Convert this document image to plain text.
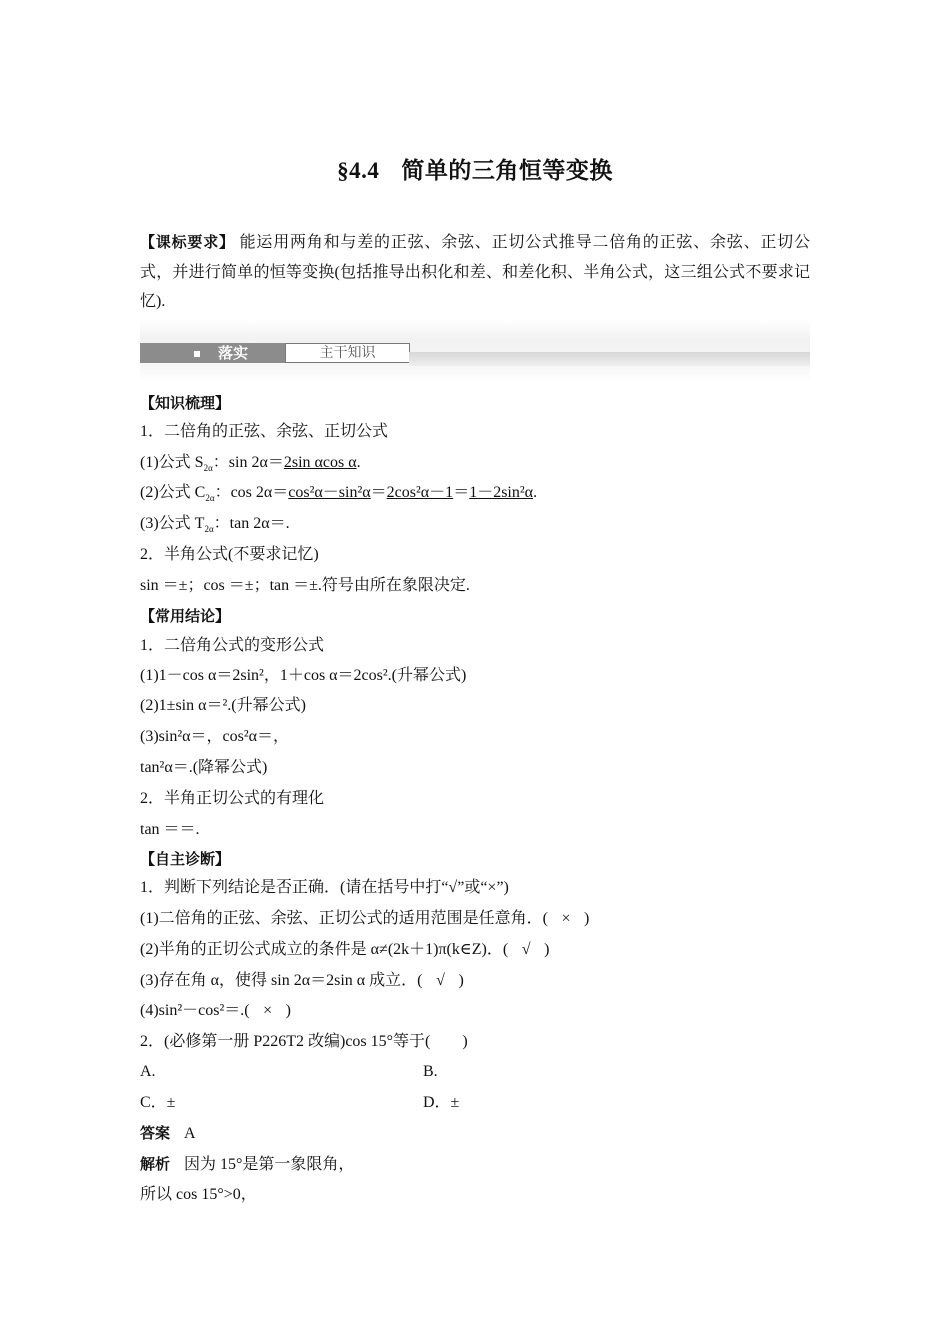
§4.4 简单的三角恒等变换
【课标要求】 能运用两角和与差的正弦、余弦、正切公式推导二倍角的正弦、余弦、正切公式，并进行简单的恒等变换(包括推导出积化和差、和差化积、半角公式，这三组公式不要求记忆).
落实	主干知识
【知识梳理】
1．二倍角的正弦、余弦、正切公式
(1)公式 $S_{2\alpha}$：sin 2α＝2sin αcos α.
(2)公式 $C_{2\alpha}$：cos 2α＝cos²α－sin²α＝2cos²α－1＝1－2sin²α.
(3)公式 $T_{2\alpha}$：tan 2α＝.
2．半角公式(不要求记忆)
sin ＝±；cos ＝±；tan ＝±.符号由所在象限决定.
【常用结论】
1．二倍角公式的变形公式
(1)1－cos α＝2sin²，1＋cos α＝2cos².(升幂公式)
(2)1±sin α＝².(升幂公式)
(3)sin²α＝，cos²α＝，
tan²α＝.(降幂公式)
2．半角正切公式的有理化
tan ＝＝.
【自主诊断】
1．判断下列结论是否正确．(请在括号中打“√”或“×”)
(1)二倍角的正弦、余弦、正切公式的适用范围是任意角．( × )
(2)半角的正切公式成立的条件是 α≠(2k＋1)π(k∈Z)．( √ )
(3)存在角 α，使得 sin 2α＝2sin α 成立．( √ )
(4)sin²－cos²＝.( × )
2．(必修第一册 P226T2 改编)cos 15°等于(　　)
A.	B.
C．±	D．±
答案 A
解析 因为 15°是第一象限角，
所以 cos 15°>0，
